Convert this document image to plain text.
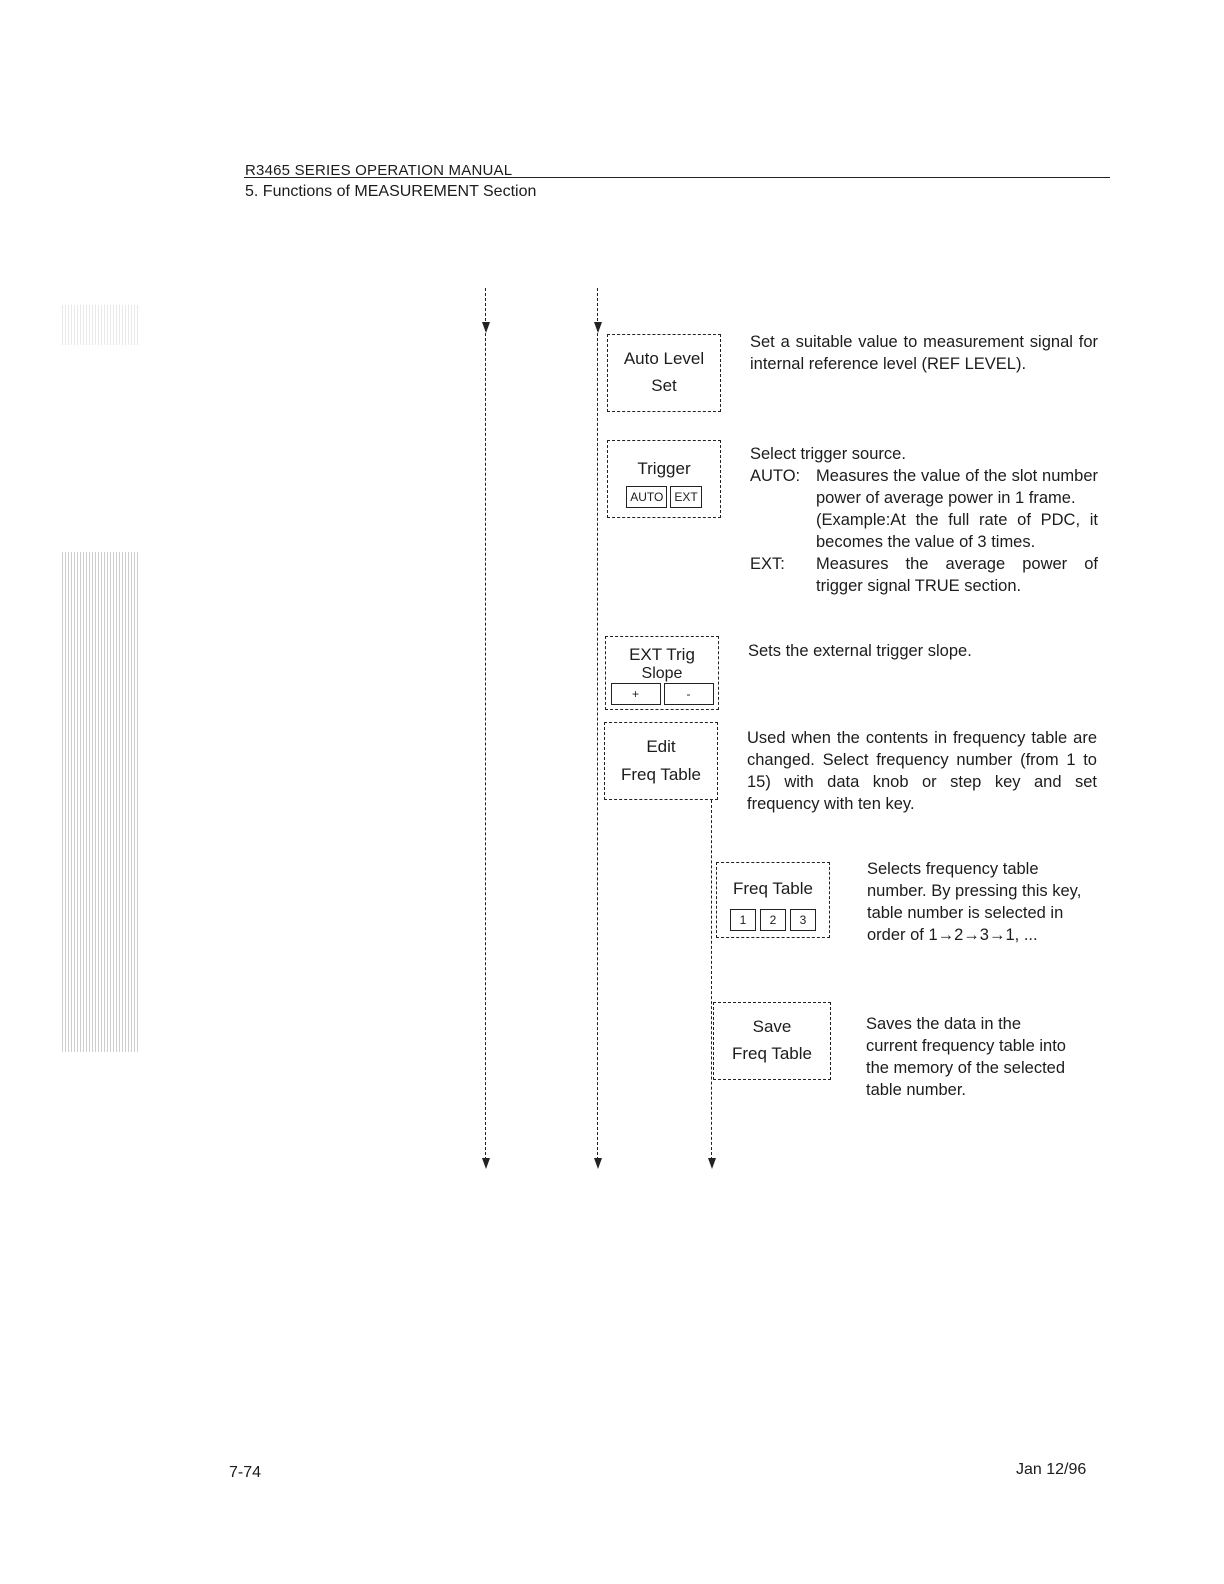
R3465 SERIES OPERATION MANUAL
5. Functions of MEASUREMENT Section
Auto Level
Set
Set a suitable value to measurement signal for internal reference level (REF LEVEL).
Trigger
AUTO EXT

Select trigger source.

AUTO: Measures the value of the slot number power of average power in 1 frame.
(Example:At the full rate of PDC, it becomes the value of 3 times.
EXT:	Measures the average power of trigger signal TRUE section.
EXT Trig
Slope
+	-
Sets the external trigger slope.
Edit
Freq Table
Used when the contents in frequency table are changed. Select frequency number (from 1 to 15) with data knob or step key and set frequency with ten key.
Freq Table
1	2	3
Selects frequency table number. By pressing this key, table number is selected in order of 1→2→3→1, ...
Save
Freq Table
Saves the data in the current frequency table into the memory of the selected table number.
7-74	Jan 12/96
